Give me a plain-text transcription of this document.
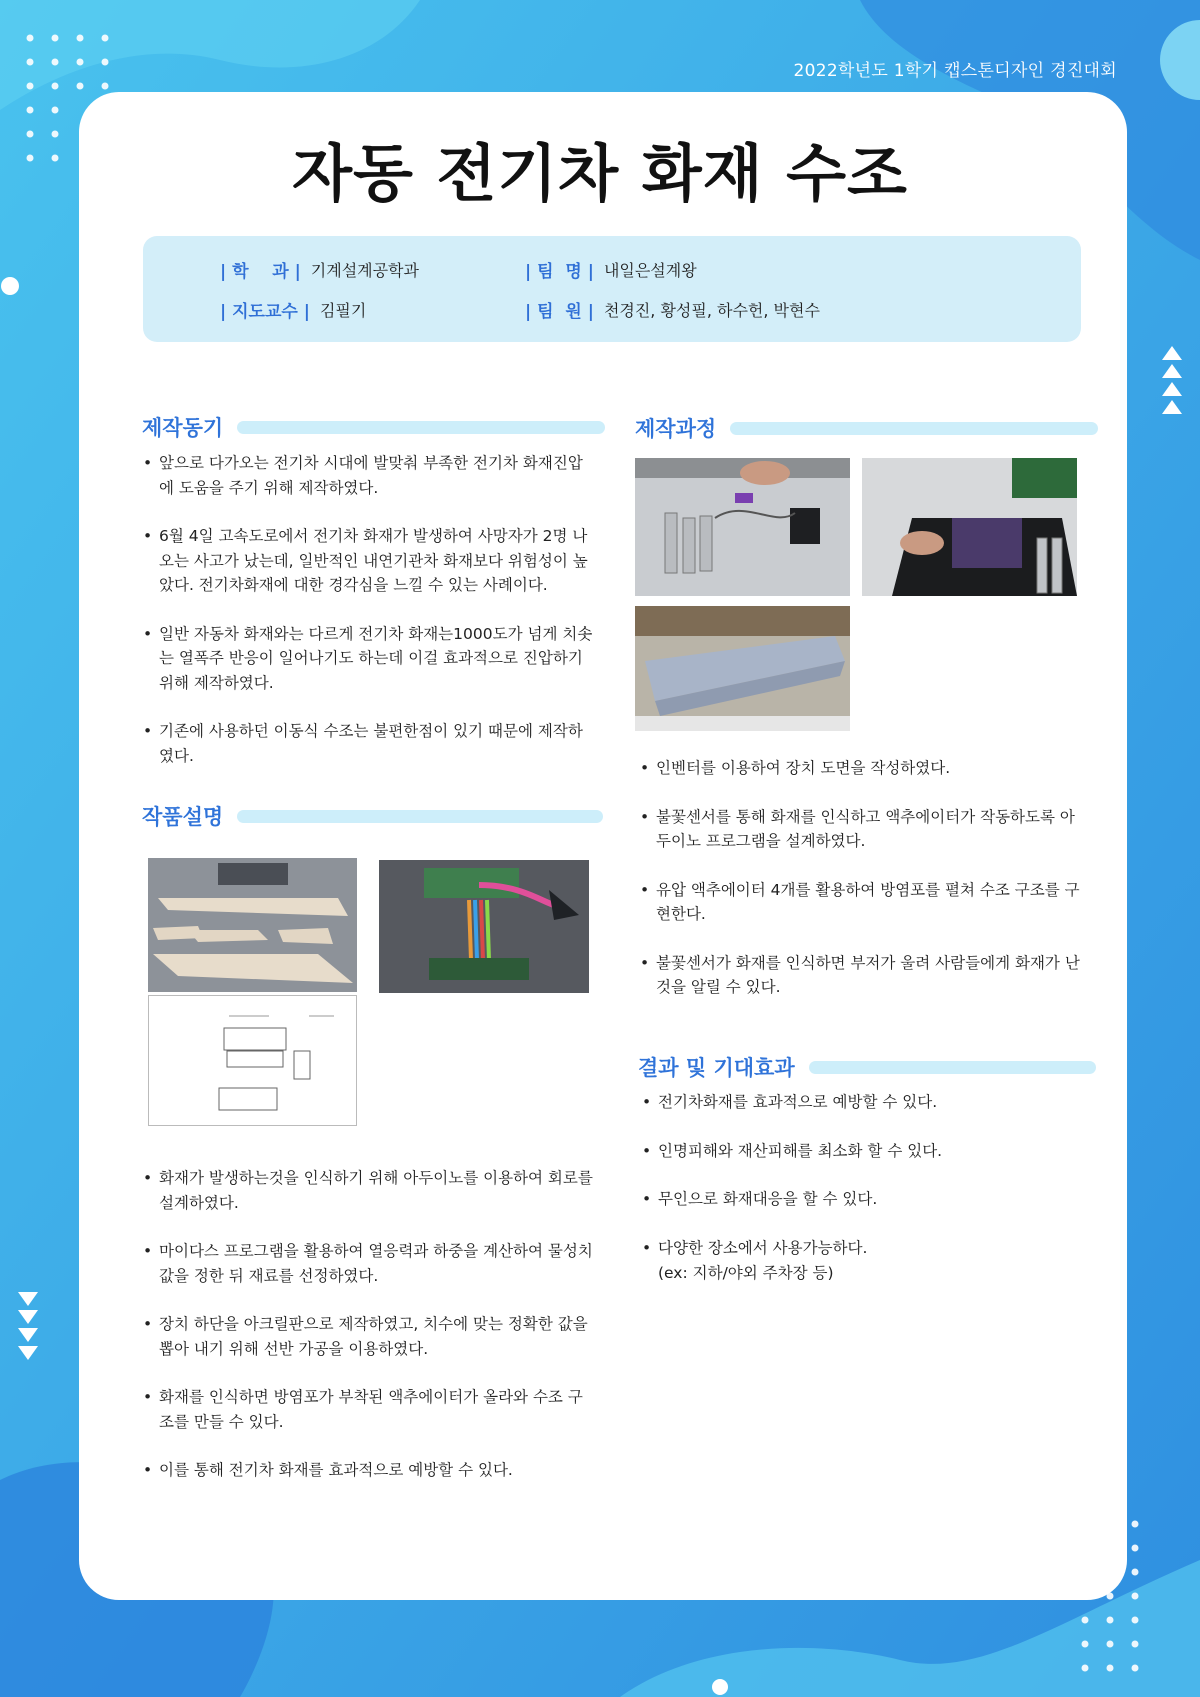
2022학년도 1학기 캡스톤디자인 경진대회
자동 전기차 화재 수조
| 학    과 | 기계설계공학과	| 팀  명 | 내일은설계왕
| 지도교수 | 김필기	| 팀  원 | 천경진, 황성필, 하수헌, 박현수
제작동기
• 앞으로 다가오는 전기차 시대에 발맞춰 부족한 전기차 화재진압에 도움을 주기 위해 제작하였다.
• 6월 4일 고속도로에서 전기차 화재가 발생하여 사망자가 2명 나오는 사고가 났는데, 일반적인 내연기관차 화재보다 위험성이 높았다. 전기차화재에 대한 경각심을 느낄 수 있는 사례이다.
• 일반 자동차 화재와는 다르게 전기차 화재는1000도가 넘게 치솟는 열폭주 반응이 일어나기도 하는데 이걸 효과적으로 진압하기 위해 제작하였다.
• 기존에 사용하던 이동식 수조는 불편한점이 있기 때문에 제작하였다.
작품설명
• 화재가 발생하는것을 인식하기 위해 아두이노를 이용하여 회로를 설계하였다.
• 마이다스 프로그램을 활용하여 열응력과 하중을 계산하여 물성치 값을 정한 뒤 재료를 선정하였다.
• 장치 하단을 아크릴판으로 제작하였고, 치수에 맞는 정확한 값을 뽑아 내기 위해 선반 가공을 이용하였다.
• 화재를 인식하면 방염포가 부착된 액추에이터가 올라와 수조 구조를 만들 수 있다.
• 이를 통해 전기차 화재를 효과적으로 예방할 수 있다.
제작과정
• 인벤터를 이용하여 장치 도면을 작성하였다.
• 불꽃센서를 통해 화재를 인식하고 액추에이터가 작동하도록 아두이노 프로그램을 설계하였다.
• 유압 액추에이터 4개를 활용하여 방염포를 펼쳐 수조 구조를 구현한다.
• 불꽃센서가 화재를 인식하면 부저가 울려 사람들에게 화재가 난 것을 알릴 수 있다.
결과 및 기대효과
• 전기차화재를 효과적으로 예방할 수 있다.
• 인명피해와 재산피해를 최소화 할 수 있다.
• 무인으로 화재대응을 할 수 있다.
• 다양한 장소에서 사용가능하다.
(ex: 지하/야외 주차장 등)
